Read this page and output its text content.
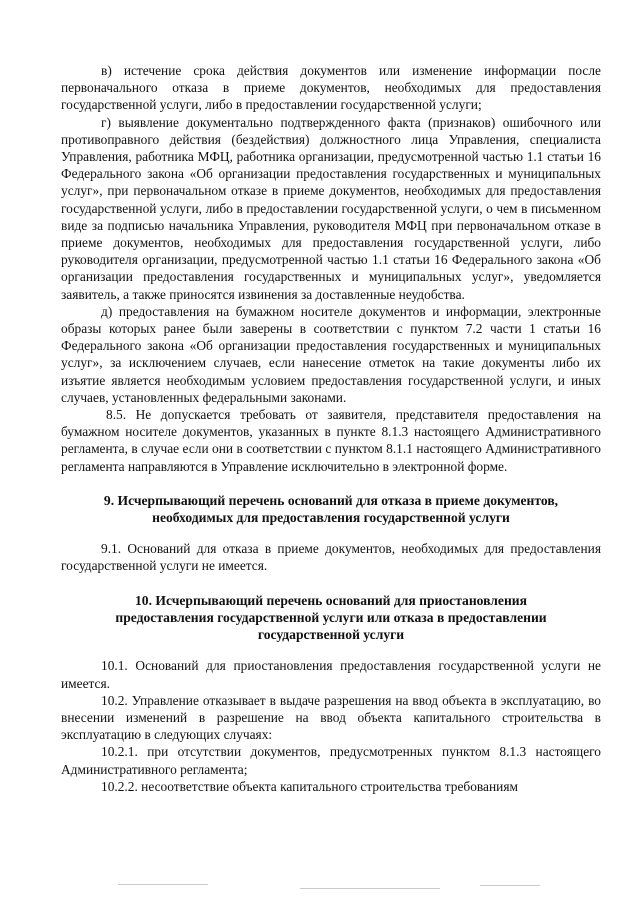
в) истечение срока действия документов или изменение информации после первоначального отказа в приеме документов, необходимых для предоставления государственной услуги, либо в предоставлении государственной услуги;

г) выявление документально подтвержденного факта (признаков) ошибочного или противоправного действия (бездействия) должностного лица Управления, специалиста Управления, работника МФЦ, работника организации, предусмотренной частью 1.1 статьи 16 Федерального закона «Об организации предоставления государственных и муниципальных услуг», при первоначальном отказе в приеме документов, необходимых для предоставления государственной услуги, либо в предоставлении государственной услуги, о чем в письменном виде за подписью начальника Управления, руководителя МФЦ при первоначальном отказе в приеме документов, необходимых для предоставления государственной услуги, либо руководителя организации, предусмотренной частью 1.1 статьи 16 Федерального закона «Об организации предоставления государственных и муниципальных услуг», уведомляется заявитель, а также приносятся извинения за доставленные неудобства.

д) предоставления на бумажном носителе документов и информации, электронные образы которых ранее были заверены в соответствии с пунктом 7.2 части 1 статьи 16 Федерального закона «Об организации предоставления государственных и муниципальных услуг», за исключением случаев, если нанесение отметок на такие документы либо их изъятие является необходимым условием предоставления государственной услуги, и иных случаев, установленных федеральными законами.

8.5. Не допускается требовать от заявителя, представителя предоставления на бумажном носителе документов, указанных в пункте 8.1.3 настоящего Административного регламента, в случае если они в соответствии с пунктом 8.1.1 настоящего Административного регламента направляются в Управление исключительно в электронной форме.

9. Исчерпывающий перечень оснований для отказа в приеме документов, необходимых для предоставления государственной услуги

9.1. Оснований для отказа в приеме документов, необходимых для предоставления государственной услуги не имеется.

10. Исчерпывающий перечень оснований для приостановления
предоставления государственной услуги или отказа в предоставлении
государственной услуги

10.1. Оснований для приостановления предоставления государственной услуги не имеется.

10.2. Управление отказывает в выдаче разрешения на ввод объекта в эксплуатацию, во внесении изменений в разрешение на ввод объекта капитального строительства в эксплуатацию в следующих случаях:

10.2.1. при отсутствии документов, предусмотренных пунктом 8.1.3 настоящего Административного регламента;

10.2.2. несоответствие объекта капитального строительства требованиям
